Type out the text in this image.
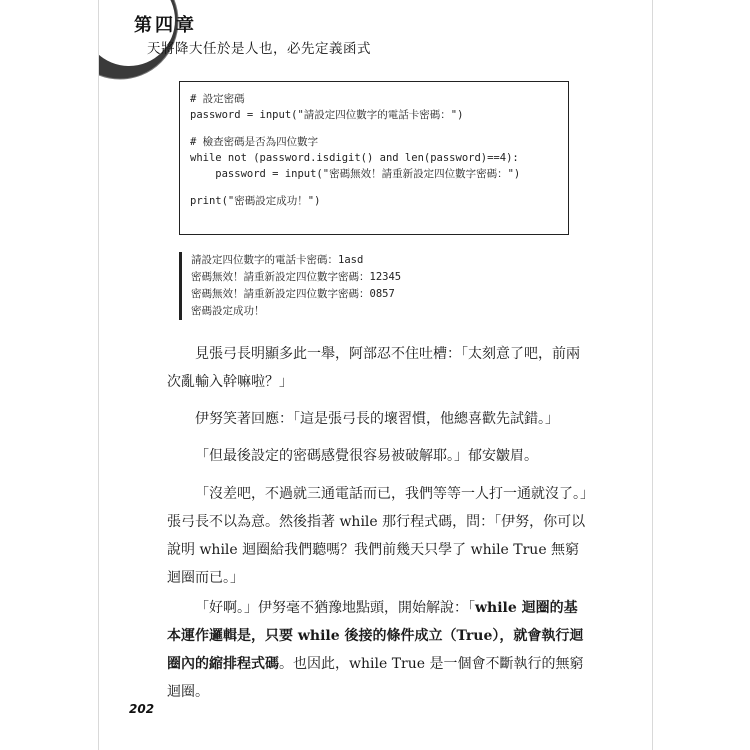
第四章
天將降大任於是人也，必先定義函式
# 設定密碼
password = input("請設定四位數字的電話卡密碼：")
# 檢查密碼是否為四位數字
while not (password.isdigit() and len(password)==4):
password = input("密碼無效！請重新設定四位數字密碼：")
print("密碼設定成功！")
請設定四位數字的電話卡密碼：1asd
密碼無效！請重新設定四位數字密碼：12345
密碼無效！請重新設定四位數字密碼：0857
密碼設定成功！

見張弓長明顯多此一舉，阿部忍不住吐槽：「太刻意了吧，前兩次亂輸入幹嘛啦？」

伊努笑著回應：「這是張弓長的壞習慣，他總喜歡先試錯。」

「但最後設定的密碼感覺很容易被破解耶。」郁安皺眉。

「沒差吧，不過就三通電話而已，我們等等一人打一通就沒了。」張弓長不以為意。然後指著 while 那行程式碼，問：「伊努，你可以說明 while 迴圈給我們聽嗎？我們前幾天只學了 while True 無窮迴圈而已。」

「好啊。」伊努毫不猶豫地點頭，開始解說：「while 迴圈的基本運作邏輯是，只要 while 後接的條件成立（True），就會執行迴圈內的縮排程式碼。也因此，while True 是一個會不斷執行的無窮迴圈。

202
